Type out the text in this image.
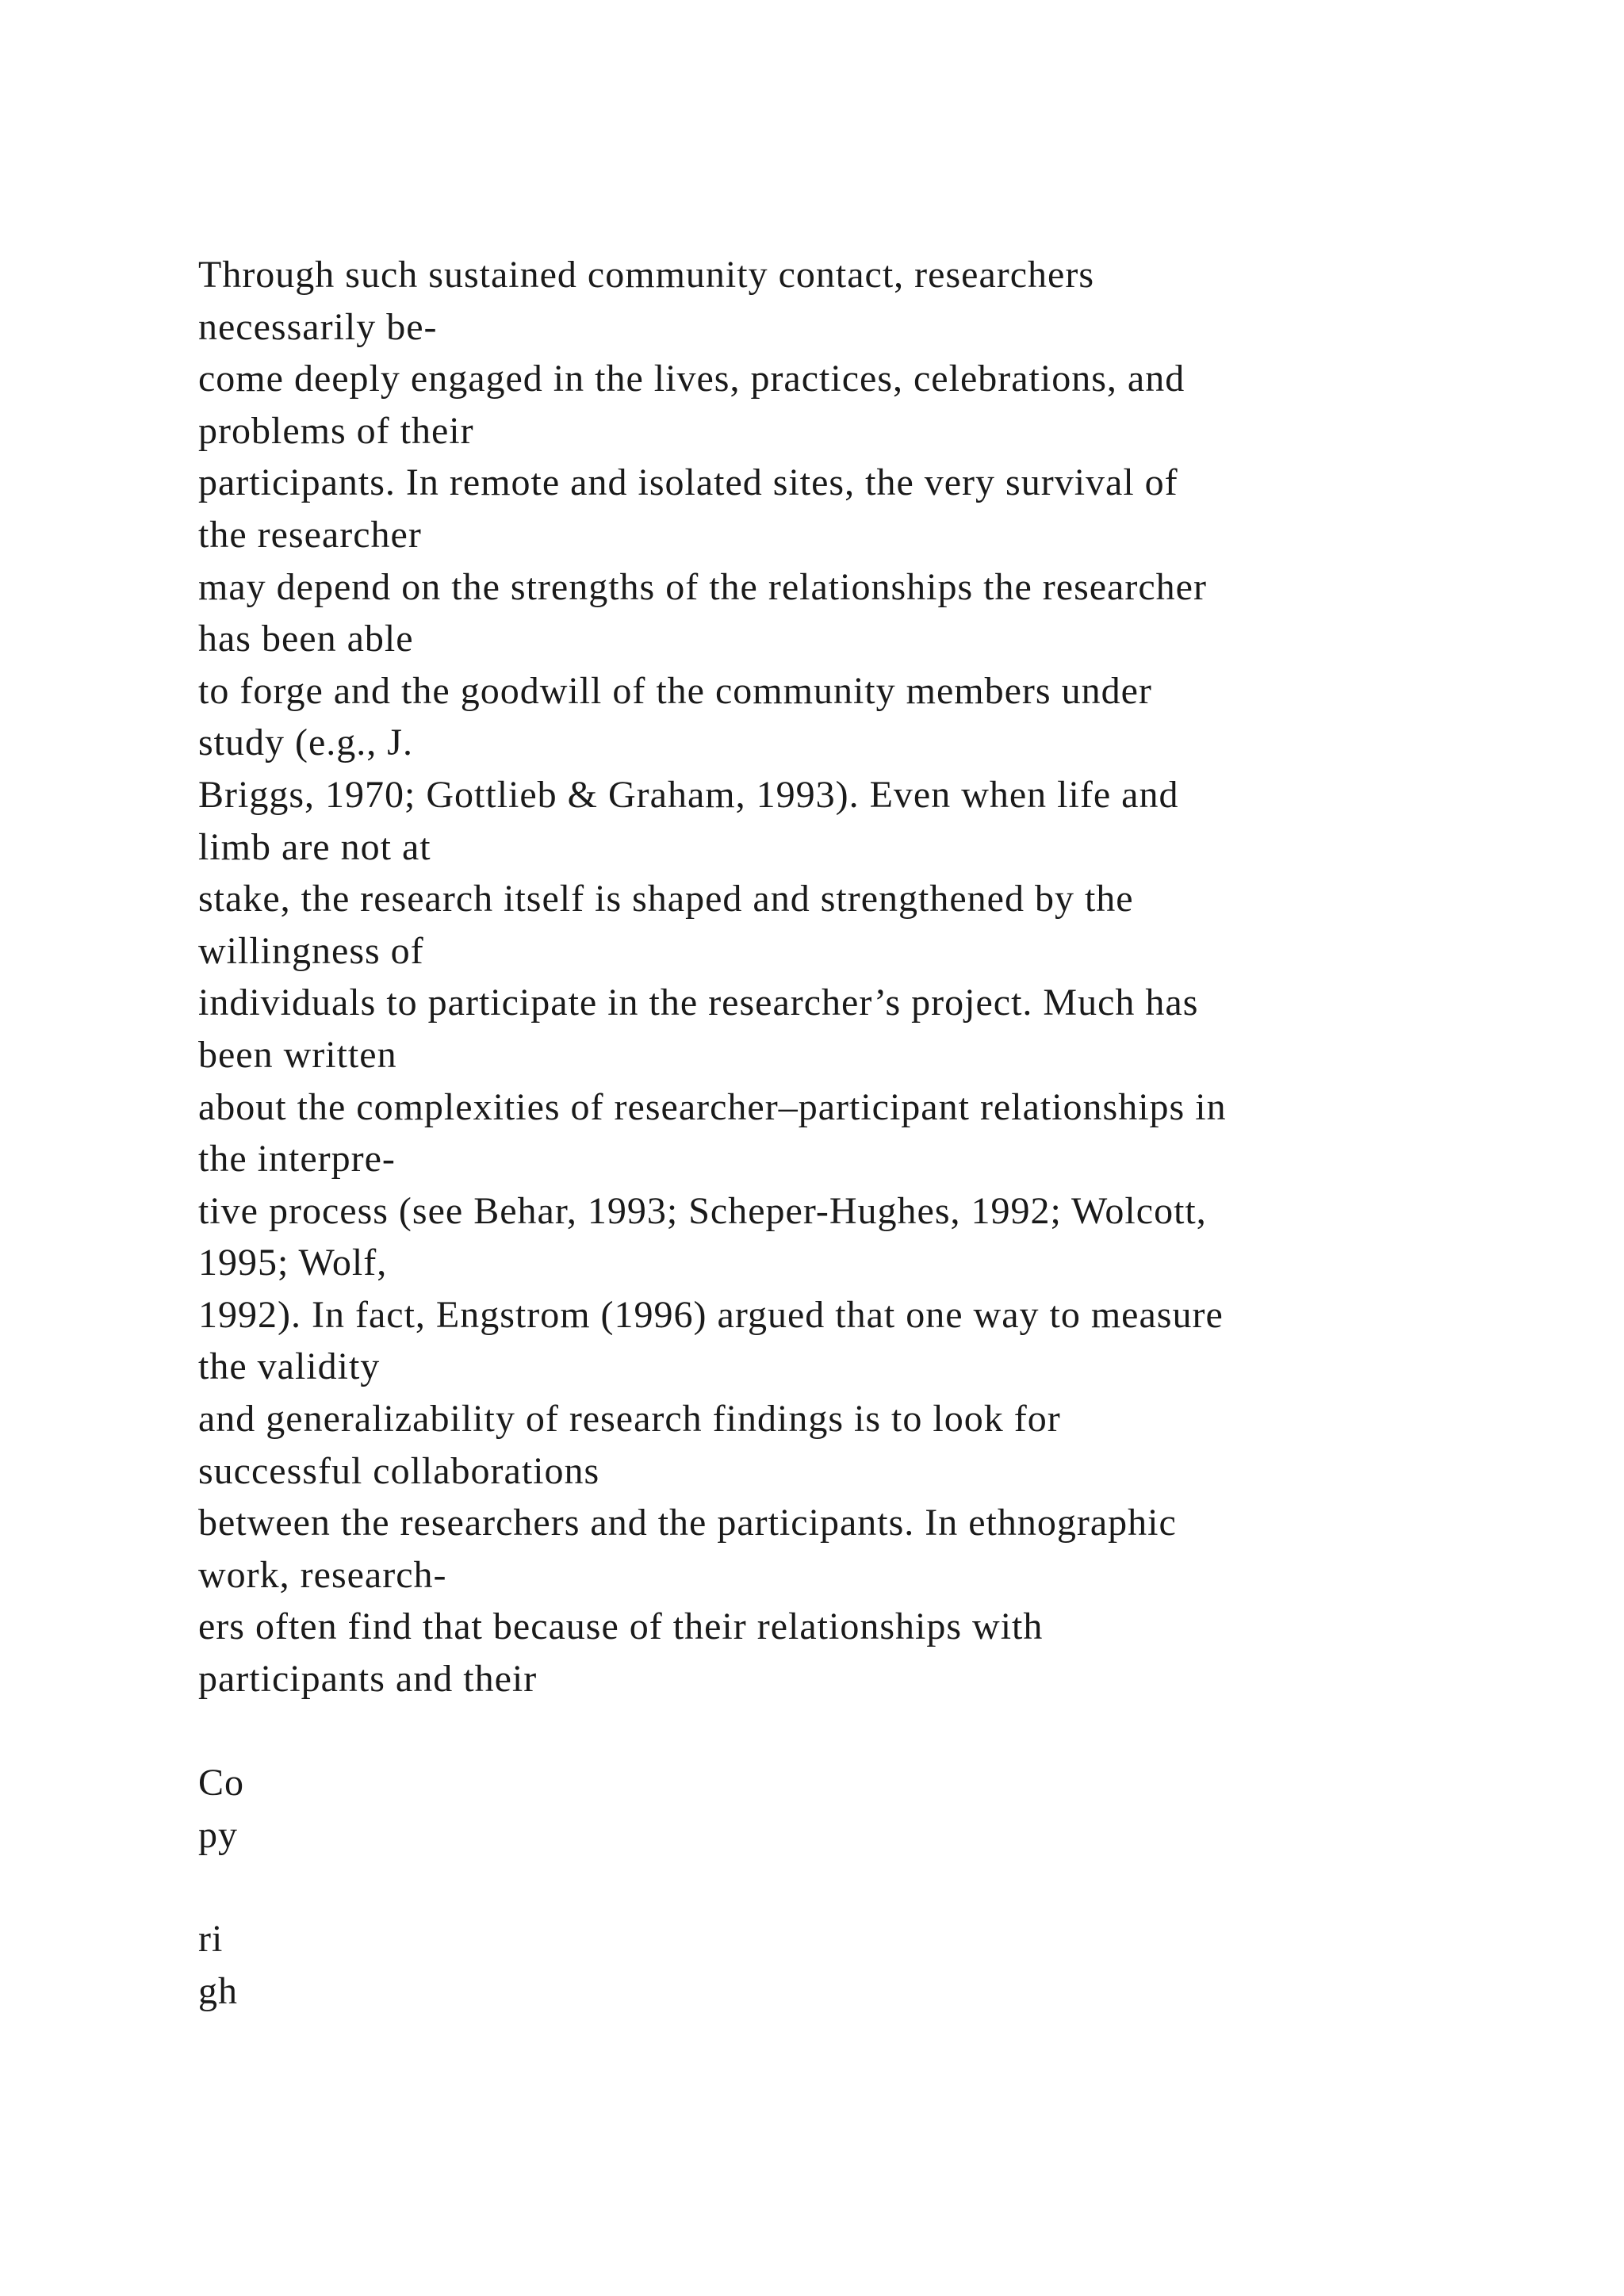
Through such sustained community contact, researchers
necessarily be-
come deeply engaged in the lives, practices, celebrations, and
problems of their
participants. In remote and isolated sites, the very survival of
the researcher
may depend on the strengths of the relationships the researcher
has been able
to forge and the goodwill of the community members under
study (e.g., J.
Briggs, 1970; Gottlieb & Graham, 1993). Even when life and
limb are not at
stake, the research itself is shaped and strengthened by the
willingness of
individuals to participate in the researcher’s project. Much has
been written
about the complexities of researcher–participant relationships in
the interpre-
tive process (see Behar, 1993; Scheper-Hughes, 1992; Wolcott,
1995; Wolf,
1992). In fact, Engstrom (1996) argued that one way to measure
the validity
and generalizability of research findings is to look for
successful collaborations
between the researchers and the participants. In ethnographic
work, research-
ers often find that because of their relationships with
participants and their
Co
py
ri
gh
